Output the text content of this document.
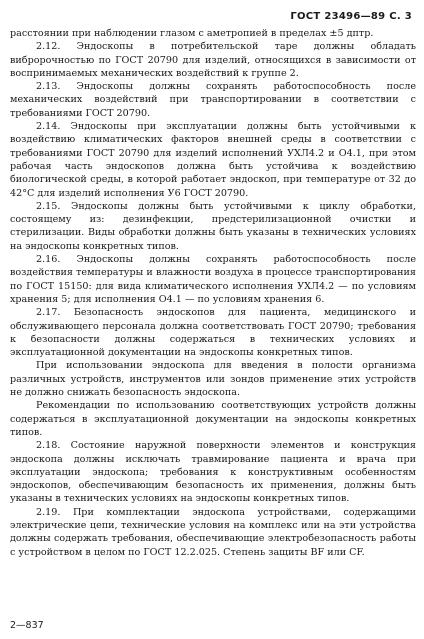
ГОСТ 23496—89 С. 3

расстоянии при наблюдении глазом с аметропией в пределах ±5 дптр.

2.12. Эндоскопы в потребительской таре должны обладать вибророчностью по ГОСТ 20790 для изделий, относящихся в зависимости от воспринимаемых механических воздействий к группе 2.

2.13. Эндоскопы должны сохранять работоспособность после механических воздействий при транспортировании в соответствии с требованиями ГОСТ 20790.

2.14. Эндоскопы при эксплуатации должны быть устойчивыми к воздействию климатических факторов внешней среды в соответствии с требованиями ГОСТ 20790 для изделий исполнений УХЛ4.2 и О4.1, при этом рабочая часть эндоскопов должна быть устойчива к воздействию биологической среды, в которой работает эндоскоп, при температуре от 32 до 42°С для изделий исполнения У6 ГОСТ 20790.

2.15. Эндоскопы должны быть устойчивыми к циклу обработки, состоящему из: дезинфекции, предстерилизационной очистки и стерилизации. Виды обработки должны быть указаны в технических условиях на эндоскопы конкретных типов.

2.16. Эндоскопы должны сохранять работоспособность после воздействия температуры и влажности воздуха в процессе транспортирования по ГОСТ 15150: для вида климатического исполнения УХЛ4.2 — по условиям хранения 5; для исполнения О4.1 — по условиям хранения 6.

2.17. Безопасность эндоскопов для пациента, медицинского и обслуживающего персонала должна соответствовать ГОСТ 20790; требования к безопасности должны содержаться в технических условиях и эксплуатационной документации на эндоскопы конкретных типов.

При использовании эндоскопа для введения в полости организма различных устройств, инструментов или зондов применение этих устройств не должно снижать безопасность эндоскопа.

Рекомендации по использованию соответствующих устройств должны содержаться в эксплуатационной документации на эндоскопы конкретных типов.

2.18. Состояние наружной поверхности элементов и конструкция эндоскопа должны исключать травмирование пациента и врача при эксплуатации эндоскопа; требования к конструктивным особенностям эндоскопов, обеспечивающим безопасность их применения, должны быть указаны в технических условиях на эндоскопы конкретных типов.

2.19. При комплектации эндоскопа устройствами, содержащими электрические цепи, технические условия на комплекс или на эти устройства должны содержать требования, обеспечивающие электробезопасность работы с устройством в целом по ГОСТ 12.2.025. Степень защиты BF или CF.

2—837
